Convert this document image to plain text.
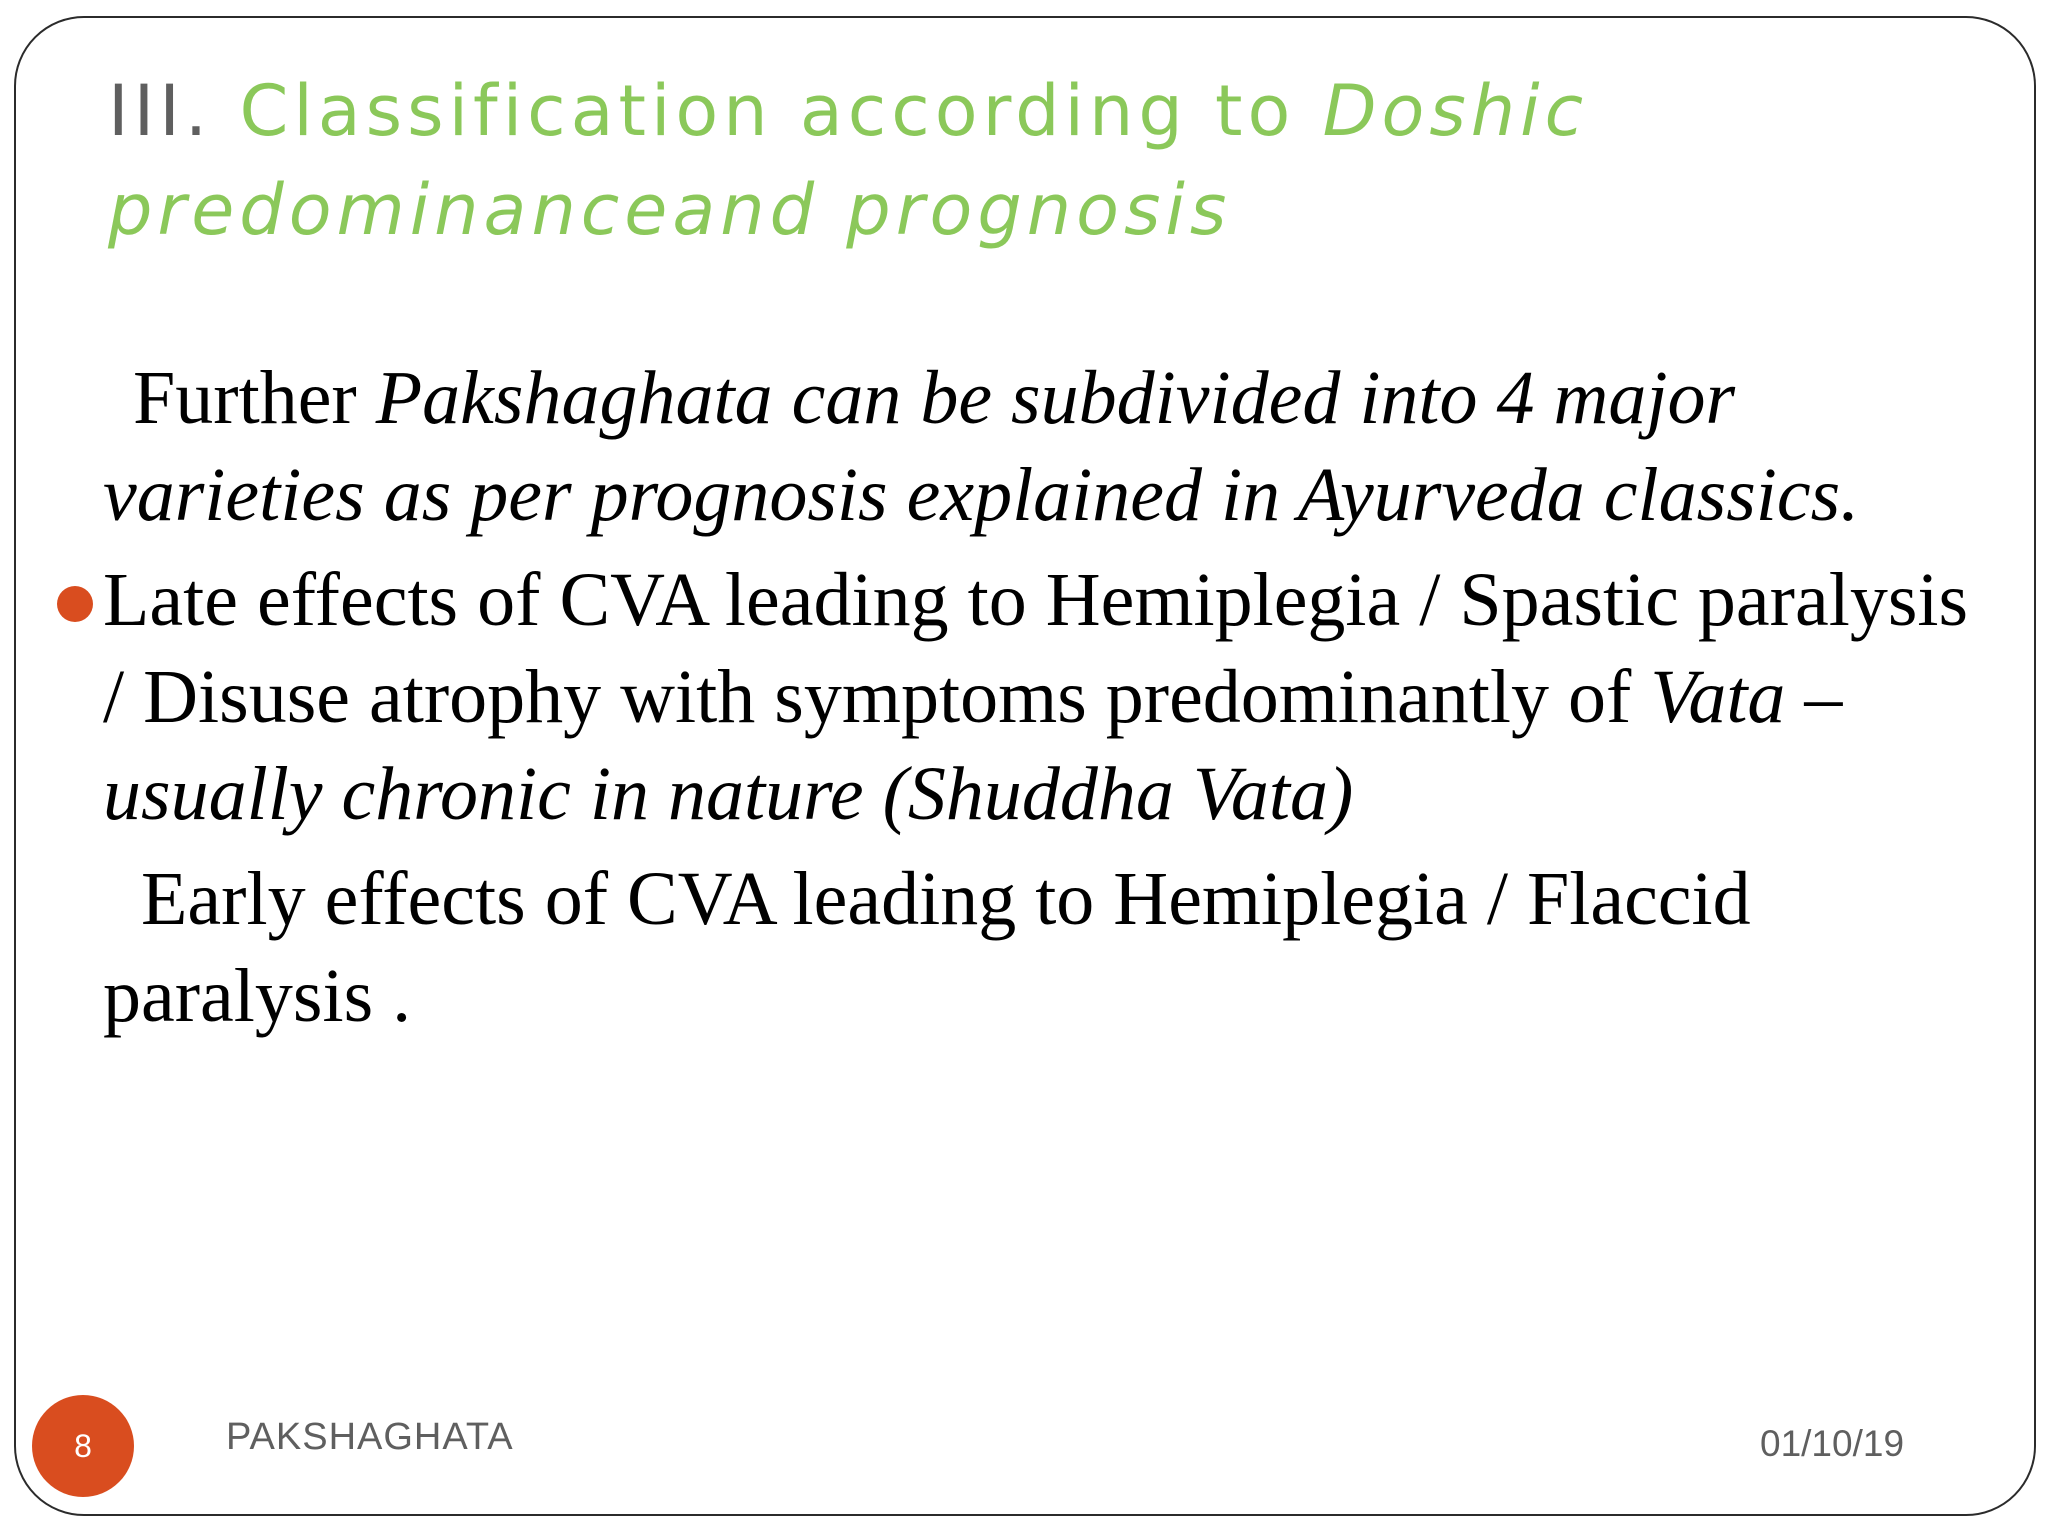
III. Classification according to Doshic predominanceand prognosis

Further Pakshaghata can be subdivided into 4 major varieties as per prognosis explained in Ayurveda classics.

Late effects of CVA leading to Hemiplegia / Spastic paralysis / Disuse atrophy with symptoms predominantly of Vata – usually chronic in nature (Shuddha Vata)

Early effects of CVA leading to Hemiplegia / Flaccid paralysis .

8	PAKSHAGHATA	01/10/19
